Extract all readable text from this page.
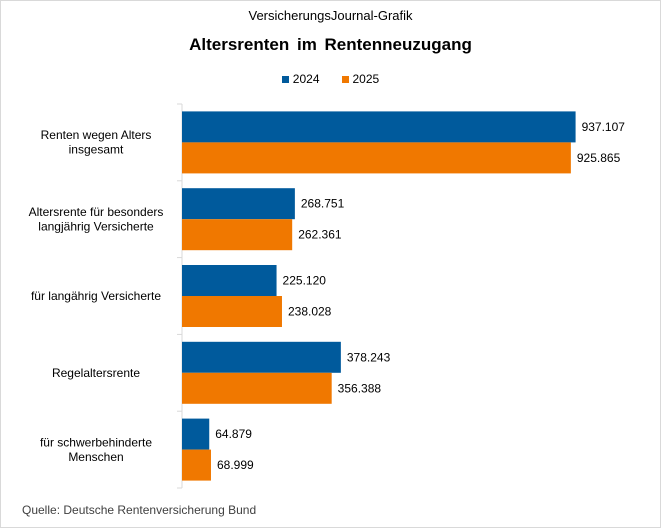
VersicherungsJournal-Grafik
Altersrenten im Rentenneuzugang
2024	2025
Renten wegen Alters insgesamt
937.107
925.865
Altersrente für besonders langjährig Versicherte
268.751
262.361
für langährig Versicherte
225.120
238.028
Regelaltersrente
378.243
356.388
für schwerbehinderte Menschen
64.879
68.999
Quelle: Deutsche Rentenversicherung Bund
